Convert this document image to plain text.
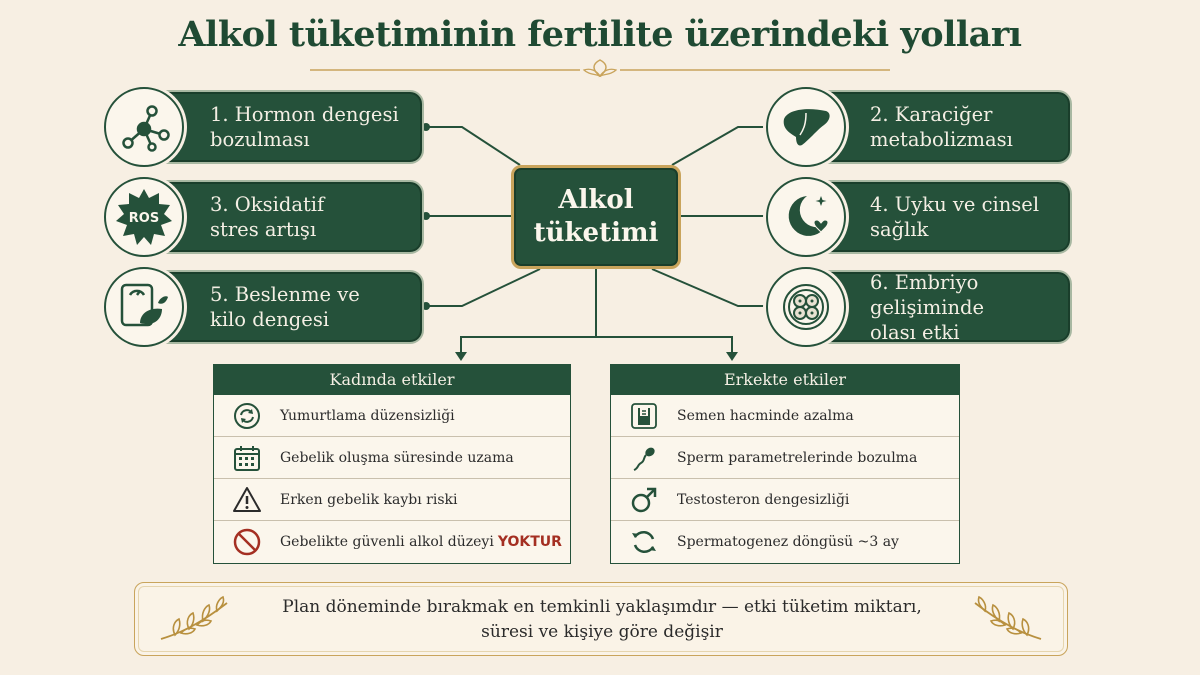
Alkol tüketiminin fertilite üzerindeki yolları
1. Hormon dengesi
bozulması
3. Oksidatif
stres artışı
ROS
5. Beslenme ve
kilo dengesi
2. Karaciğer
metabolizması
4. Uyku ve cinsel
sağlık
6. Embriyo gelişiminde
olası etki
Alkol
tüketimi
Kadında etkiler
Yumurtlama düzensizliği
Gebelik oluşma süresinde uzama
Erken gebelik kaybı riski
Gebelikte güvenli alkol düzeyi YOKTUR
Erkekte etkiler
Semen hacminde azalma
Sperm parametrelerinde bozulma
Testosteron dengesizliği
Spermatogenez döngüsü ~3 ay
Plan döneminde bırakmak en temkinli yaklaşımdır — etki tüketim miktarı,
süresi ve kişiye göre değişir
